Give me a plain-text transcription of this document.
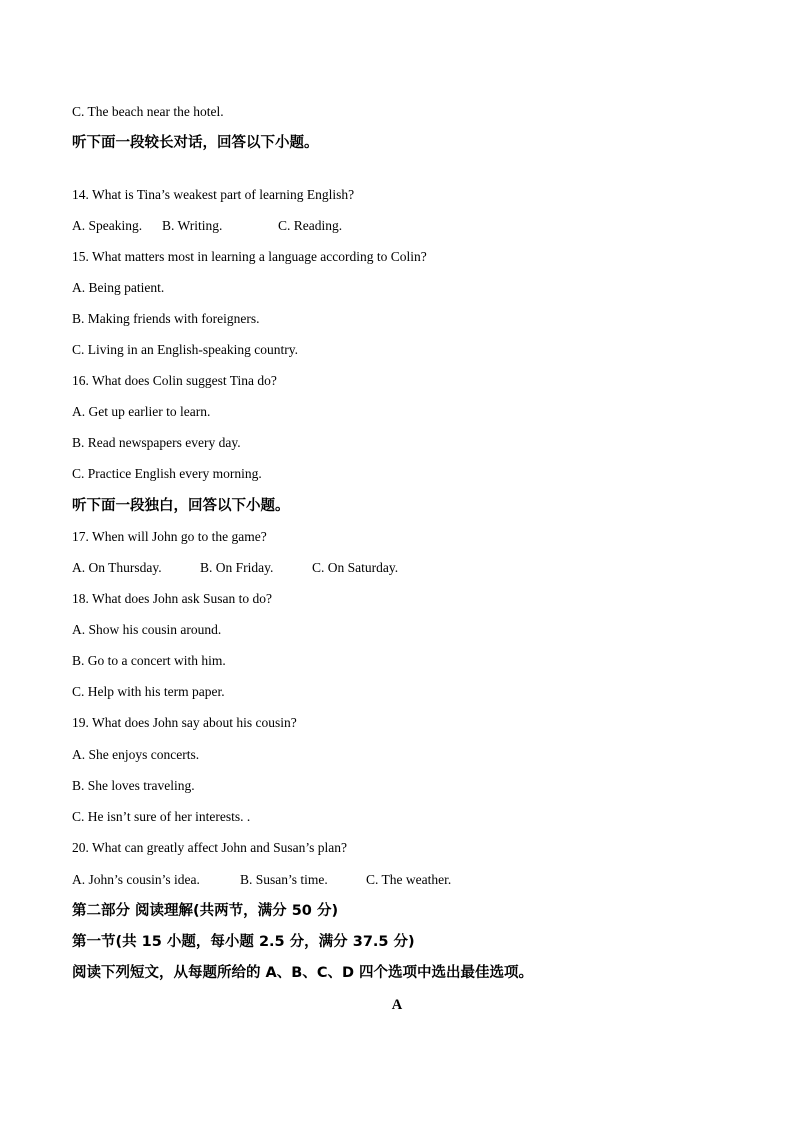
C. The beach near the hotel.
听下面一段较长对话，回答以下小题。
14. What is Tina’s weakest part of learning English?
A. Speaking. B. Writing.	C. Reading.
15. What matters most in learning a language according to Colin?
A. Being patient.
B. Making friends with foreigners.
C. Living in an English-speaking country.
16. What does Colin suggest Tina do?
A. Get up earlier to learn.
B. Read newspapers every day.
C. Practice English every morning.
听下面一段独白，回答以下小题。
17. When will John go to the game?
A. On Thursday.	B. On Friday.	C. On Saturday.
18. What does John ask Susan to do?
A. Show his cousin around.
B. Go to a concert with him.
C. Help with his term paper.
19. What does John say about his cousin?
A. She enjoys concerts.
B. She loves traveling.
C. He isn’t sure of her interests. .
20. What can greatly affect John and Susan’s plan?
A. John’s cousin’s idea.	B. Susan’s time.	C. The weather.
第二部分 阅读理解(共两节，满分 50 分)
第一节(共 15 小题，每小题 2.5 分，满分 37.5 分)
阅读下列短文，从每题所给的 A、B、C、D 四个选项中选出最佳选项。
A
